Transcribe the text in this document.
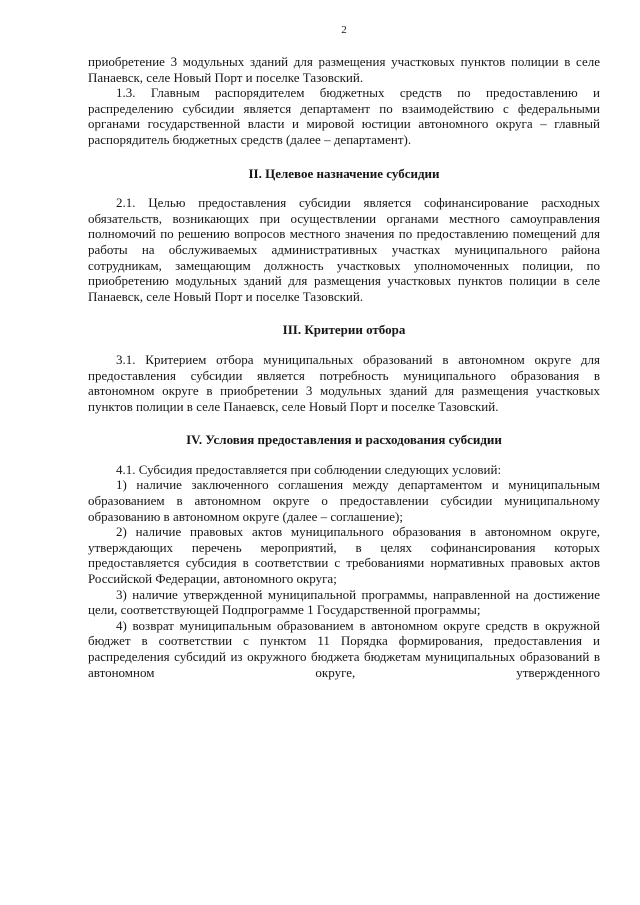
2

приобретение 3 модульных зданий для размещения участковых пунктов полиции в селе Панаевск, селе Новый Порт и поселке Тазовский.

1.3. Главным распорядителем бюджетных средств по предоставлению и распределению субсидии является департамент по взаимодействию с федеральными органами государственной власти и мировой юстиции автономного округа – главный распорядитель бюджетных средств (далее – департамент).

II. Целевое назначение субсидии

2.1. Целью предоставления субсидии является софинансирование расходных обязательств, возникающих при осуществлении органами местного самоуправления полномочий по решению вопросов местного значения по предоставлению помещений для работы на обслуживаемых административных участках муниципального района сотрудникам, замещающим должность участковых уполномоченных полиции, по приобретению модульных зданий для размещения участковых пунктов полиции в селе Панаевск, селе Новый Порт и поселке Тазовский.

III. Критерии отбора

3.1. Критерием отбора муниципальных образований в автономном округе для предоставления субсидии является потребность муниципального образования в автономном округе в приобретении 3 модульных зданий для размещения участковых пунктов полиции в селе Панаевск, селе Новый Порт и поселке Тазовский.

IV. Условия предоставления и расходования субсидии

4.1. Субсидия предоставляется при соблюдении следующих условий:

1) наличие заключенного соглашения между департаментом и муниципальным образованием в автономном округе о предоставлении субсидии муниципальному образованию в автономном округе (далее – соглашение);

2) наличие правовых актов муниципального образования в автономном округе, утверждающих перечень мероприятий, в целях софинансирования которых предоставляется субсидия в соответствии с требованиями нормативных правовых актов Российской Федерации, автономного округа;

3) наличие утвержденной муниципальной программы, направленной на достижение цели, соответствующей Подпрограмме 1 Государственной программы;

4) возврат муниципальным образованием в автономном округе средств в окружной бюджет в соответствии с пунктом 11 Порядка формирования, предоставления и распределения субсидий из окружного бюджета бюджетам муниципальных образований в автономном округе, утвержденного
